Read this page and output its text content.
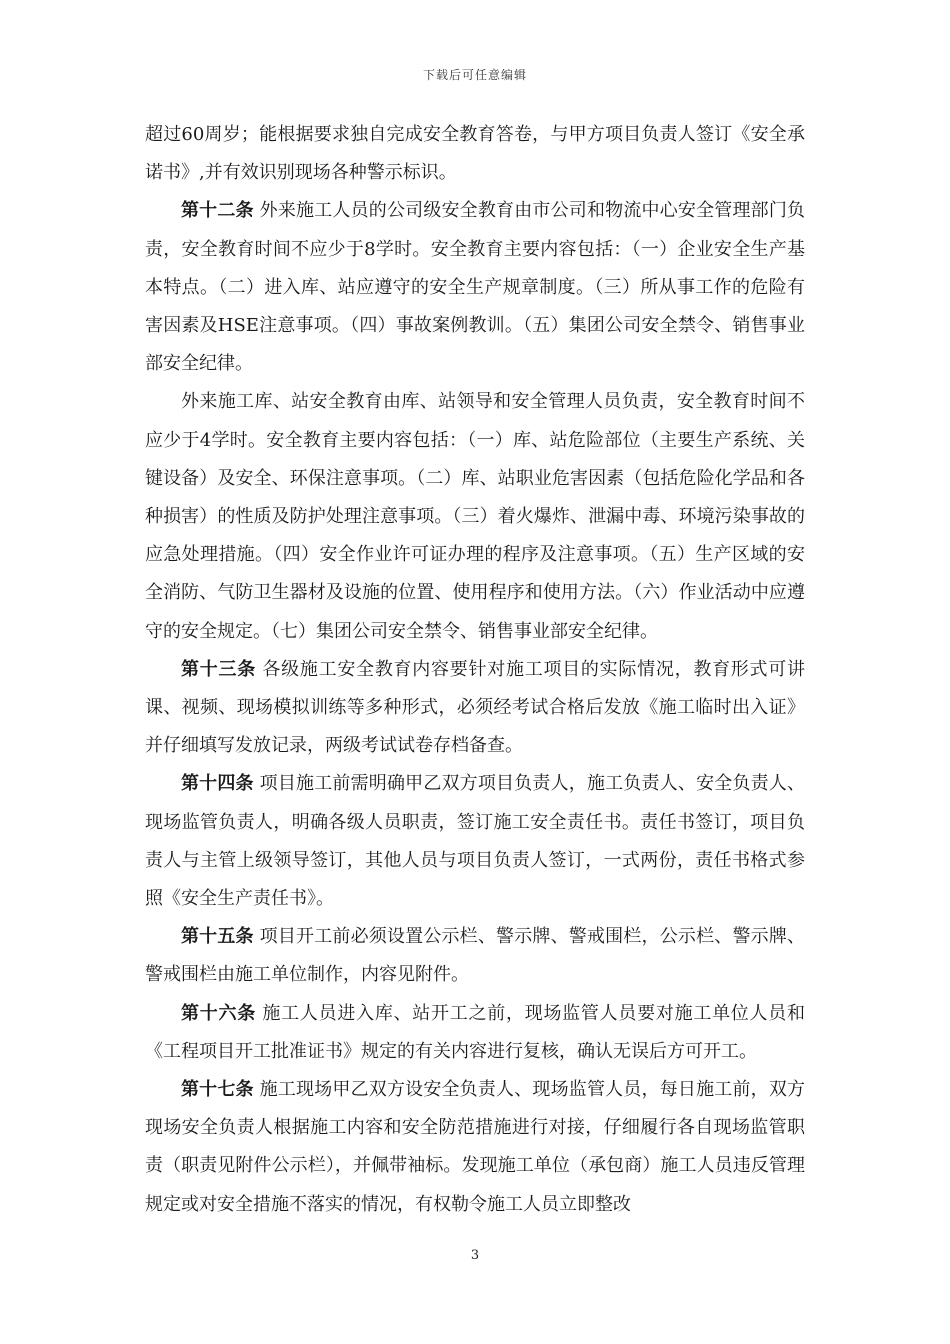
下载后可任意编辑

超过60周岁；能根据要求独自完成安全教育答卷，与甲方项目负责人签订《安全承诺书》,并有效识别现场各种警示标识。

第十二条 外来施工人员的公司级安全教育由市公司和物流中心安全管理部门负责，安全教育时间不应少于8学时。安全教育主要内容包括：（一）企业安全生产基本特点。（二）进入库、站应遵守的安全生产规章制度。（三）所从事工作的危险有害因素及HSE注意事项。（四）事故案例教训。（五）集团公司安全禁令、销售事业部安全纪律。

外来施工库、站安全教育由库、站领导和安全管理人员负责，安全教育时间不应少于4学时。安全教育主要内容包括：（一）库、站危险部位（主要生产系统、关键设备）及安全、环保注意事项。（二）库、站职业危害因素（包括危险化学品和各种损害）的性质及防护处理注意事项。（三）着火爆炸、泄漏中毒、环境污染事故的应急处理措施。（四）安全作业许可证办理的程序及注意事项。（五）生产区域的安全消防、气防卫生器材及设施的位置、使用程序和使用方法。（六）作业活动中应遵守的安全规定。（七）集团公司安全禁令、销售事业部安全纪律。

第十三条 各级施工安全教育内容要针对施工项目的实际情况，教育形式可讲课、视频、现场模拟训练等多种形式，必须经考试合格后发放《施工临时出入证》并仔细填写发放记录，两级考试试卷存档备查。

第十四条 项目施工前需明确甲乙双方项目负责人，施工负责人、安全负责人、现场监管负责人，明确各级人员职责，签订施工安全责任书。责任书签订，项目负责人与主管上级领导签订，其他人员与项目负责人签订，一式两份，责任书格式参照《安全生产责任书》。

第十五条 项目开工前必须设置公示栏、警示牌、警戒围栏，公示栏、警示牌、警戒围栏由施工单位制作，内容见附件。

第十六条 施工人员进入库、站开工之前，现场监管人员要对施工单位人员和《工程项目开工批准证书》规定的有关内容进行复核，确认无误后方可开工。

第十七条 施工现场甲乙双方设安全负责人、现场监管人员，每日施工前，双方现场安全负责人根据施工内容和安全防范措施进行对接，仔细履行各自现场监管职责（职责见附件公示栏），并佩带袖标。发现施工单位（承包商）施工人员违反管理规定或对安全措施不落实的情况，有权勒令施工人员立即整改

3
